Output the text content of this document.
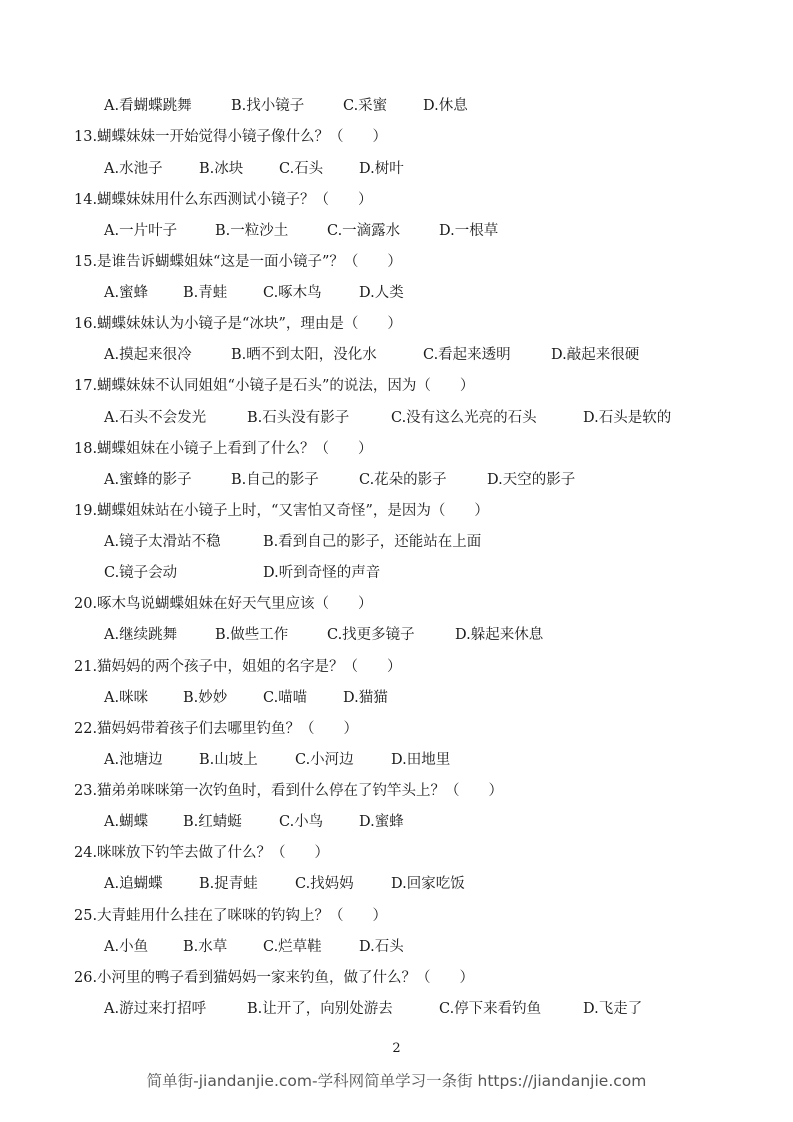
A.看蝴蝶跳舞	B.找小镜子	C.采蜜 D.休息
13.蝴蝶妹妹一开始觉得小镜子像什么？（　　）
A.水池子	B.冰块 C.石头 D.树叶
14.蝴蝶妹妹用什么东西测试小镜子？（　　）
A.一片叶子	B.一粒沙土	C.一滴露水	D.一根草
15.是谁告诉蝴蝶姐妹“这是一面小镜子”？（　　）
A.蜜蜂 B.青蛙 C.啄木鸟	D.人类
16.蝴蝶妹妹认为小镜子是“冰块”，理由是（　　）
A.摸起来很冷	B.晒不到太阳，没化水	C.看起来透明	D.敲起来很硬
17.蝴蝶妹妹不认同姐姐“小镜子是石头”的说法，因为（　　）
A.石头不会发光	B.石头没有影子	C.没有这么光亮的石头	D.石头是软的
18.蝴蝶姐妹在小镜子上看到了什么？（　　）
A.蜜蜂的影子	B.自己的影子	C.花朵的影子	D.天空的影子
19.蝴蝶姐妹站在小镜子上时，“又害怕又奇怪”，是因为（　　）
A.镜子太滑站不稳	B.看到自己的影子，还能站在上面
C.镜子会动	D.听到奇怪的声音
20.啄木鸟说蝴蝶姐妹在好天气里应该（　　）
A.继续跳舞	B.做些工作	C.找更多镜子	D.躲起来休息
21.猫妈妈的两个孩子中，姐姐的名字是？（　　）
A.咪咪 B.妙妙 C.喵喵 D.猫猫
22.猫妈妈带着孩子们去哪里钓鱼？（　　）
A.池塘边	B.山坡上	C.小河边	D.田地里
23.猫弟弟咪咪第一次钓鱼时，看到什么停在了钓竿头上？（　　）
A.蝴蝶 B.红蜻蜓	C.小鸟 D.蜜蜂
24.咪咪放下钓竿去做了什么？（　　）
A.追蝴蝶	B.捉青蛙	C.找妈妈	D.回家吃饭
25.大青蛙用什么挂在了咪咪的钓钩上？（　　）
A.小鱼 B.水草 C.烂草鞋	D.石头
26.小河里的鸭子看到猫妈妈一家来钓鱼，做了什么？（　　）
A.游过来打招呼	B.让开了，向别处游去	C.停下来看钓鱼	D.飞走了
2
简单街-jiandanjie.com-学科网简单学习一条街 https://jiandanjie.com
